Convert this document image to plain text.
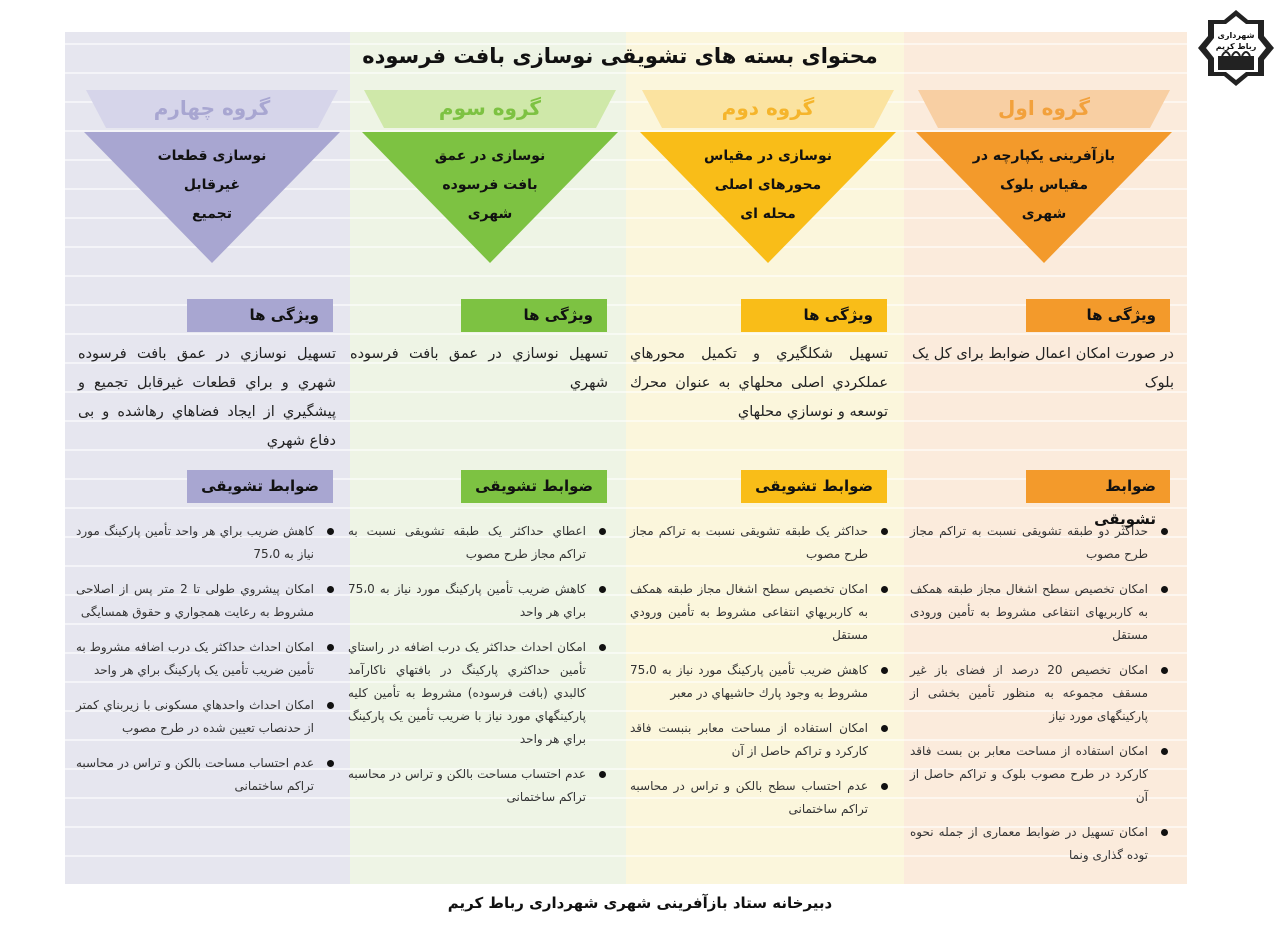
محتوای بسته های تشویقی نوسازی بافت فرسوده
شهرداری
رباط کریم
گروه اول
بازآفرینی یکپارچه در
مقیاس بلوک
شهری
گروه دوم
نوسازی در مقیاس
محورهای اصلی
محله ای
گروه سوم
نوسازی در عمق
بافت فرسوده
شهری
گروه چهارم
نوسازی قطعات
غیرقابل
تجمیع
ویژگی ها
ویژگی ها
ویژگی ها
ویژگی ها
در صورت امکان اعمال ضوابط برای کل یک بلوک
تسهیل شکلگیري و تکمیل محورهاي عملکردي اصلی محلهاي به عنوان محرك توسعه و نوسازي محلهاي
تسهیل نوسازي در عمق بافت فرسوده شهري
تسهیل نوسازي در عمق بافت فرسوده شهري و براي قطعات غیرقابل تجمیع و پیشگیري از ایجاد فضاهاي رهاشده و بی دفاع شهري
ضوابط تشویقی
ضوابط تشویقی
ضوابط تشویقی
ضوابط تشویقی
حداکثر دو طبقه تشویقی نسبت به تراکم مجاز طرح مصوب
امکان تخصیص سطح اشغال مجاز طبقه همکف به کاربریهای انتفاعی مشروط به تأمین ورودی مستقل
امکان تخصیص 20 درصد از فضای باز غیر مسقف مجموعه به منظور تأمین بخشی از پارکینگهای مورد نیاز
امکان استفاده از مساحت معابر بن بست فاقد کارکرد در طرح مصوب بلوک و تراکم حاصل از آن
امکان تسهیل در ضوابط معماری از جمله نحوه توده گذاری ونما
حداکثر یک طبقه تشویقی نسبت به تراکم مجاز طرح مصوب
امکان تخصیص سطح اشغال مجاز طبقه همکف به کاربریهاي انتفاعی مشروط به تأمین ورودي مستقل
کاهش ضریب تأمین پارکینگ مورد نیاز به 75،0 مشروط به وجود پارك حاشیهاي در معبر
امکان استفاده از مساحت معابر بنبست فاقد کارکرد و تراکم حاصل از آن
عدم احتساب سطح بالکن و تراس در محاسبه تراکم ساختمانی
اعطاي حداکثر یک طبقه تشویقی نسبت به تراکم مجاز طرح مصوب
کاهش ضریب تأمین پارکینگ مورد نیاز به 75،0 براي هر واحد
امکان احداث حداکثر یک درب اضافه در راستاي تأمین حداکثري پارکینگ در بافتهاي ناکارآمد کالبدي (بافت فرسوده) مشروط به تأمین کلیه پارکینگهاي مورد نیاز با ضریب تأمین یک پارکینگ براي هر واحد
عدم احتساب مساحت بالکن و تراس در محاسبه تراکم ساختمانی
کاهش ضریب براي هر واحد تأمین پارکینگ مورد نیاز به 75،0
امکان پیشروي طولی تا 2 متر پس از اصلاحی مشروط به رعایت همجواري و حقوق همسایگی
امکان احداث حداکثر یک درب اضافه مشروط به تأمین ضریب تأمین یک پارکینگ براي هر واحد
امکان احداث واحدهاي مسکونی با زیربناي کمتر از حدنصاب تعیین شده در طرح مصوب
عدم احتساب مساحت بالکن و تراس در محاسبه تراکم ساختمانی
دبیرخانه ستاد بازآفرینی شهری شهرداری رباط کریم
